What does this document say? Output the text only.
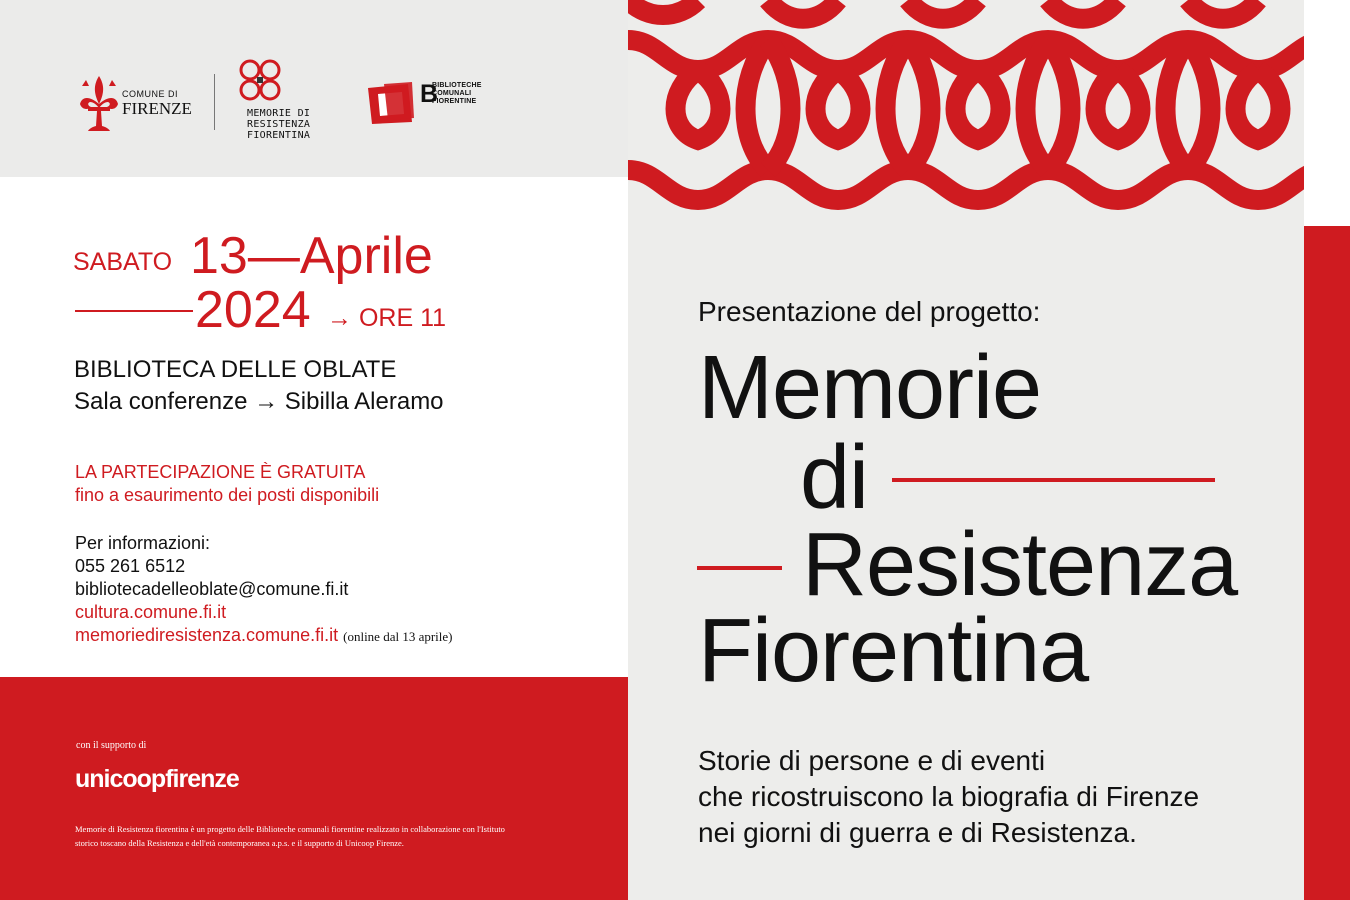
COMUNE DI
FIRENZE	MEMORIE DI
RESISTENZA
FIORENTINA
B
BIBLIOTECHE
COMUNALI
FIORENTINE
SABATO 13—Aprile
2024 → ORE 11
BIBLIOTECA DELLE OBLATE
Sala conferenze → Sibilla Aleramo
LA PARTECIPAZIONE È GRATUITA
fino a esaurimento dei posti disponibili
Per informazioni:
055 261 6512
bibliotecadelleoblate@comune.fi.it
cultura.comune.fi.it
memoriediresistenza.comune.fi.it (online dal 13 aprile)
con il supporto di
unicoopfirenze
Memorie di Resistenza fiorentina è un progetto delle Biblioteche comunali fiorentine realizzato in collaborazione con l'Istituto storico toscano della Resistenza e dell'età contemporanea a.p.s. e il supporto di Unicoop Firenze.
Presentazione del progetto:
Memorie
di
Resistenza
Fiorentina
Storie di persone e di eventi
che ricostruiscono la biografia di Firenze
nei giorni di guerra e di Resistenza.
